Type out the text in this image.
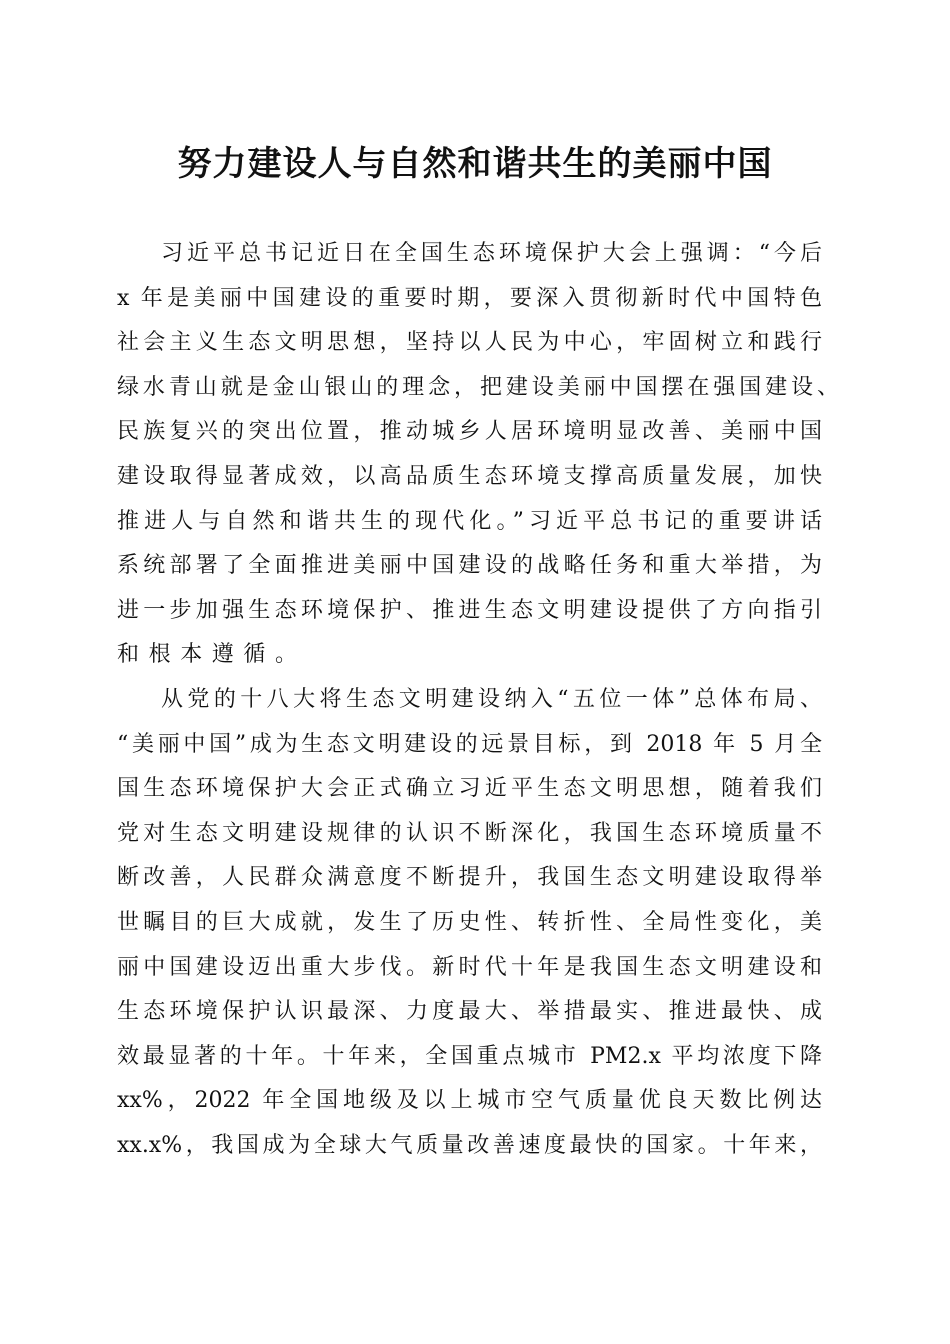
努力建设人与自然和谐共生的美丽中国
习近平总书记近日在全国生态环境保护大会上强调：“今后
x 年是美丽中国建设的重要时期，要深入贯彻新时代中国特色
社会主义生态文明思想，坚持以人民为中心，牢固树立和践行
绿水青山就是金山银山的理念，把建设美丽中国摆在强国建设、
民族复兴的突出位置，推动城乡人居环境明显改善、美丽中国
建设取得显著成效，以高品质生态环境支撑高质量发展，加快
推进人与自然和谐共生的现代化。”习近平总书记的重要讲话
系统部署了全面推进美丽中国建设的战略任务和重大举措，为
进一步加强生态环境保护、推进生态文明建设提供了方向指引
和根本遵循。
从党的十八大将生态文明建设纳入“五位一体”总体布局、
“美丽中国”成为生态文明建设的远景目标，到 2018 年 5 月全
国生态环境保护大会正式确立习近平生态文明思想，随着我们
党对生态文明建设规律的认识不断深化，我国生态环境质量不
断改善，人民群众满意度不断提升，我国生态文明建设取得举
世瞩目的巨大成就，发生了历史性、转折性、全局性变化，美
丽中国建设迈出重大步伐。新时代十年是我国生态文明建设和
生态环境保护认识最深、力度最大、举措最实、推进最快、成
效最显著的十年。十年来，全国重点城市 PM2.x 平均浓度下降
xx%，2022 年全国地级及以上城市空气质量优良天数比例达
xx.x%，我国成为全球大气质量改善速度最快的国家。十年来，
